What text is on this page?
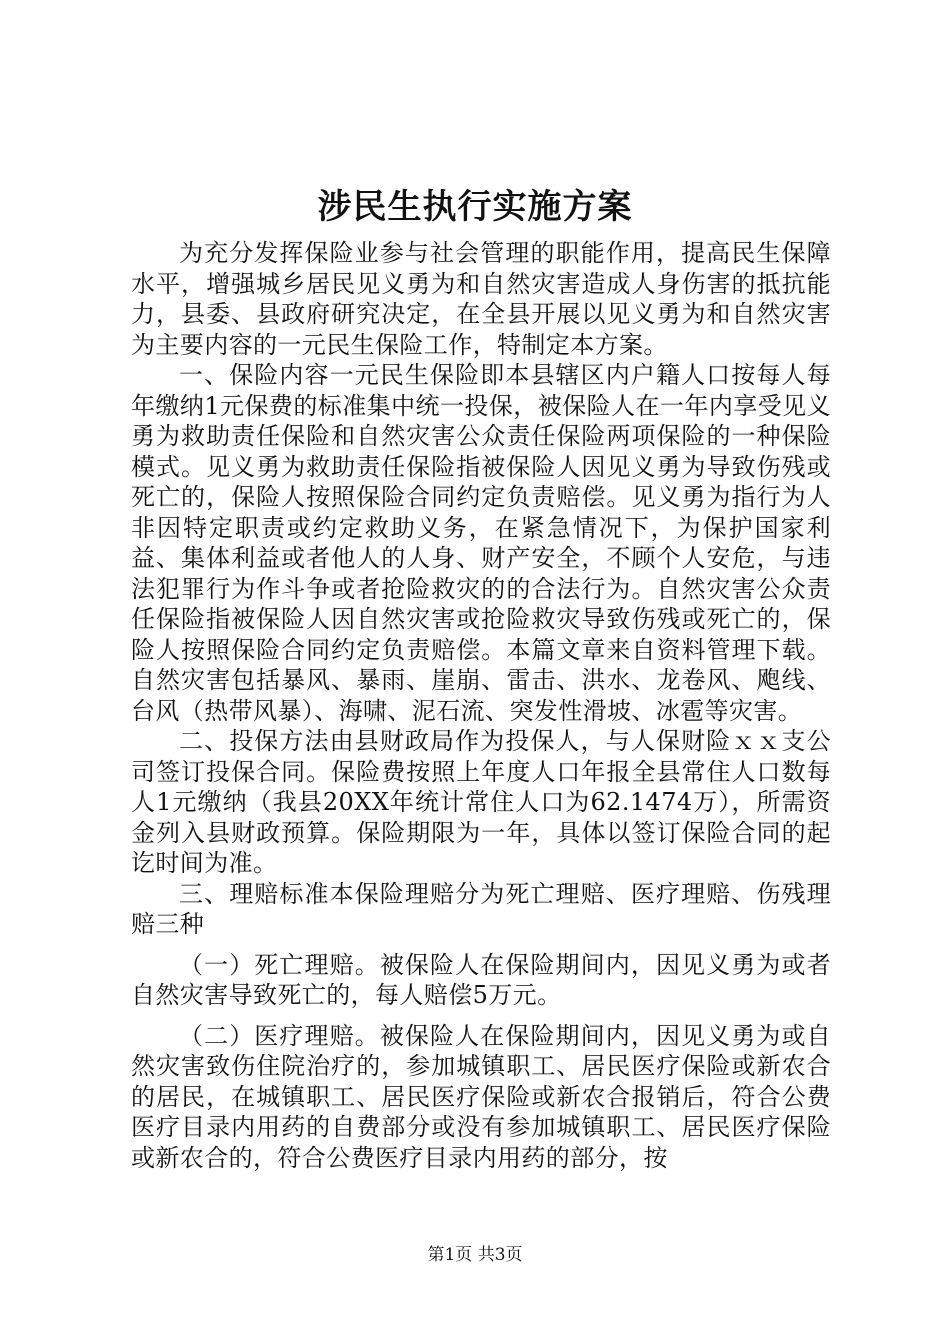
涉民生执行实施方案

为充分发挥保险业参与社会管理的职能作用，提高民生保障水平，增强城乡居民见义勇为和自然灾害造成人身伤害的抵抗能力，县委、县政府研究决定，在全县开展以见义勇为和自然灾害为主要内容的一元民生保险工作，特制定本方案。

一、保险内容一元民生保险即本县辖区内户籍人口按每人每年缴纳1元保费的标准集中统一投保，被保险人在一年内享受见义勇为救助责任保险和自然灾害公众责任保险两项保险的一种保险模式。见义勇为救助责任保险指被保险人因见义勇为导致伤残或死亡的，保险人按照保险合同约定负责赔偿。见义勇为指行为人非因特定职责或约定救助义务，在紧急情况下，为保护国家利益、集体利益或者他人的人身、财产安全，不顾个人安危，与违法犯罪行为作斗争或者抢险救灾的的合法行为。自然灾害公众责任保险指被保险人因自然灾害或抢险救灾导致伤残或死亡的，保险人按照保险合同约定负责赔偿。本篇文章来自资料管理下载。自然灾害包括暴风、暴雨、崖崩、雷击、洪水、龙卷风、飑线、台风（热带风暴）、海啸、泥石流、突发性滑坡、冰雹等灾害。

二、投保方法由县财政局作为投保人，与人保财险ｘｘ支公司签订投保合同。保险费按照上年度人口年报全县常住人口数每人1元缴纳（我县20XX年统计常住人口为62.1474万），所需资金列入县财政预算。保险期限为一年，具体以签订保险合同的起讫时间为准。

三、理赔标准本保险理赔分为死亡理赔、医疗理赔、伤残理赔三种

（一）死亡理赔。被保险人在保险期间内，因见义勇为或者自然灾害导致死亡的，每人赔偿5万元。

（二）医疗理赔。被保险人在保险期间内，因见义勇为或自然灾害致伤住院治疗的，参加城镇职工、居民医疗保险或新农合的居民，在城镇职工、居民医疗保险或新农合报销后，符合公费医疗目录内用药的自费部分或没有参加城镇职工、居民医疗保险或新农合的，符合公费医疗目录内用药的部分，按

第1页 共3页
